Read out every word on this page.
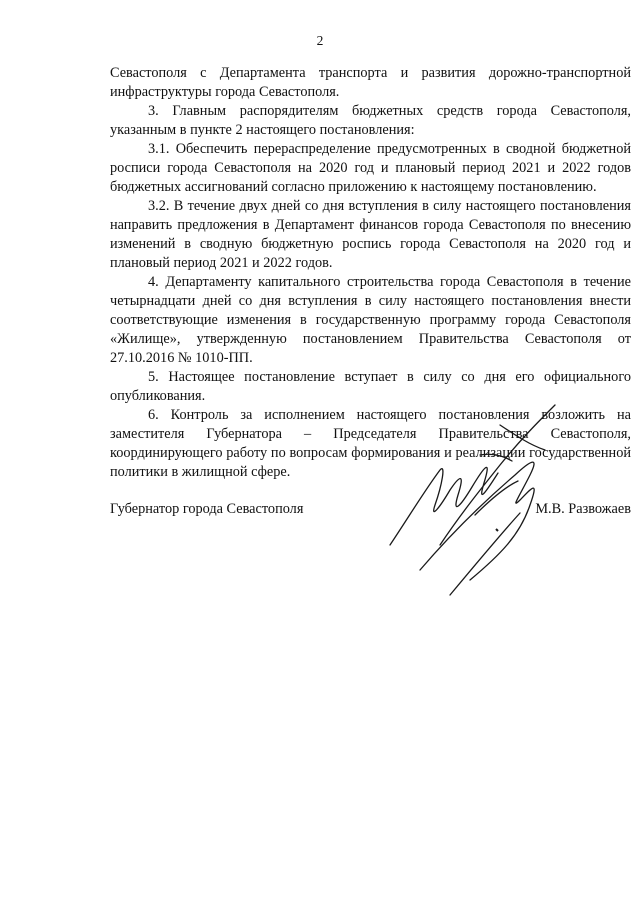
2

Севастополя с Департамента транспорта и развития дорожно-транспортной инфраструктуры города Севастополя.

3. Главным распорядителям бюджетных средств города Севастополя, указанным в пункте 2 настоящего постановления:

3.1. Обеспечить перераспределение предусмотренных в сводной бюджетной росписи города Севастополя на 2020 год и плановый период 2021 и 2022 годов бюджетных ассигнований согласно приложению к настоящему постановлению.

3.2. В течение двух дней со дня вступления в силу настоящего постановления направить предложения в Департамент финансов города Севастополя по внесению изменений в сводную бюджетную роспись города Севастополя на 2020 год и плановый период 2021 и 2022 годов.

4. Департаменту капитального строительства города Севастополя в течение четырнадцати дней со дня вступления в силу настоящего постановления внести соответствующие изменения в государственную программу города Севастополя «Жилище», утвержденную постановлением Правительства Севастополя от 27.10.2016 № 1010-ПП.

5. Настоящее постановление вступает в силу со дня его официального опубликования.

6. Контроль за исполнением настоящего постановления возложить на заместителя Губернатора – Председателя Правительства Севастополя, координирующего работу по вопросам формирования и реализации государственной политики в жилищной сфере.

Губернатор города Севастополя	М.В. Развожаев
